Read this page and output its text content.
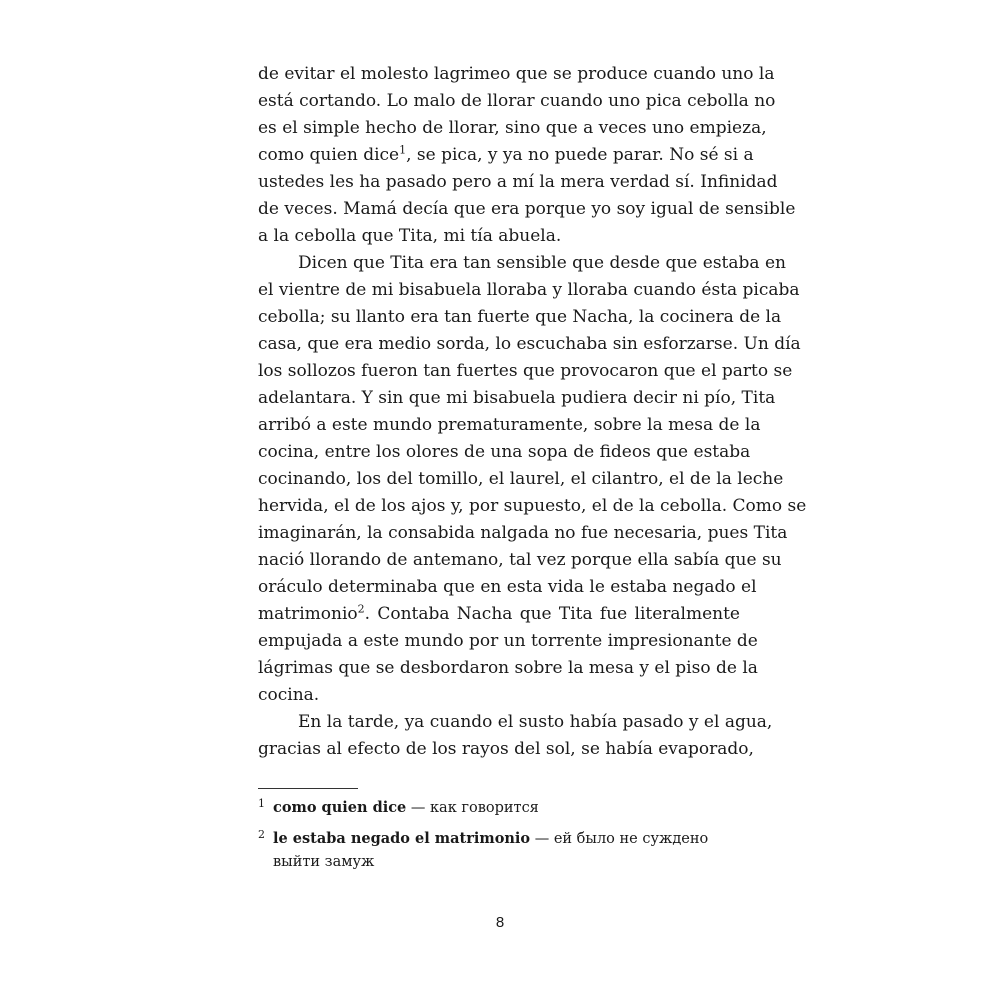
de evitar el molesto lagrimeo que se produce cuando uno la
está cortando. Lo malo de llorar cuando uno pica cebolla no
es el simple hecho de llorar, sino que a veces uno empieza,
como quien dice$^1$, se pica, y ya no puede parar. No sé si a
ustedes les ha pasado pero a mí la mera verdad sí. Infinidad
de veces. Mamá decía que era porque yo soy igual de sensible
a la cebolla que Tita, mi tía abuela.
Dicen que Tita era tan sensible que desde que estaba en
el vientre de mi bisabuela lloraba y lloraba cuando ésta picaba
cebolla; su llanto era tan fuerte que Nacha, la cocinera de la
casa, que era medio sorda, lo escuchaba sin esforzarse. Un día
los sollozos fueron tan fuertes que provocaron que el parto se
adelantara. Y sin que mi bisabuela pudiera decir ni pío, Tita
arribó a este mundo prematuramente, sobre la mesa de la
cocina, entre los olores de una sopa de fideos que estaba
cocinando, los del tomillo, el laurel, el cilantro, el de la leche
hervida, el de los ajos y, por supuesto, el de la cebolla. Como se
imaginarán, la consabida nalgada no fue necesaria, pues Tita
nació llorando de antemano, tal vez porque ella sabía que su
oráculo determinaba que en esta vida le estaba negado el
matrimonio$^2$. Contaba Nacha que Tita fue literalmente
empujada a este mundo por un torrente impresionante de
lágrimas que se desbordaron sobre la mesa y el piso de la
cocina.
En la tarde, ya cuando el susto había pasado y el agua,
gracias al efecto de los rayos del sol, se había evaporado,
1 como quien dice — как говорится
2 le estaba negado el matrimonio — ей было не суждено выйти замуж
8
